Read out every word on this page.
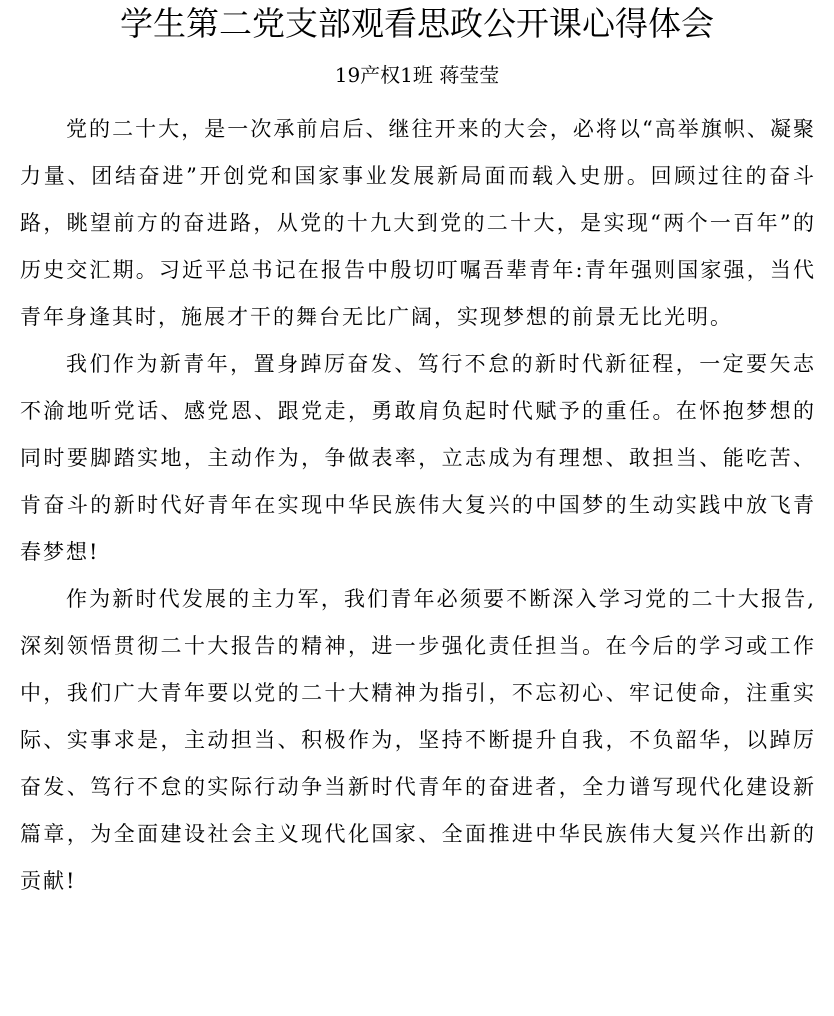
学生第二党支部观看思政公开课心得体会
19产权1班 蒋莹莹

党的二十大，是一次承前启后、继往开来的大会，必将以“高举旗帜、凝聚力量、团结奋进”开创党和国家事业发展新局面而载入史册。回顾过往的奋斗路，眺望前方的奋进路，从党的十九大到党的二十大，是实现“两个一百年”的历史交汇期。习近平总书记在报告中殷切叮嘱吾辈青年:青年强则国家强，当代青年身逢其时，施展才干的舞台无比广阔，实现梦想的前景无比光明。

我们作为新青年，置身踔厉奋发、笃行不怠的新时代新征程，一定要矢志不渝地听党话、感党恩、跟党走，勇敢肩负起时代赋予的重任。在怀抱梦想的同时要脚踏实地，主动作为，争做表率，立志成为有理想、敢担当、能吃苦、肯奋斗的新时代好青年在实现中华民族伟大复兴的中国梦的生动实践中放飞青春梦想!

作为新时代发展的主力军，我们青年必须要不断深入学习党的二十大报告,深刻领悟贯彻二十大报告的精神，进一步强化责任担当。在今后的学习或工作中，我们广大青年要以党的二十大精神为指引，不忘初心、牢记使命，注重实际、实事求是，主动担当、积极作为，坚持不断提升自我，不负韶华，以踔厉奋发、笃行不怠的实际行动争当新时代青年的奋进者，全力谱写现代化建设新篇章，为全面建设社会主义现代化国家、全面推进中华民族伟大复兴作出新的贡献!
